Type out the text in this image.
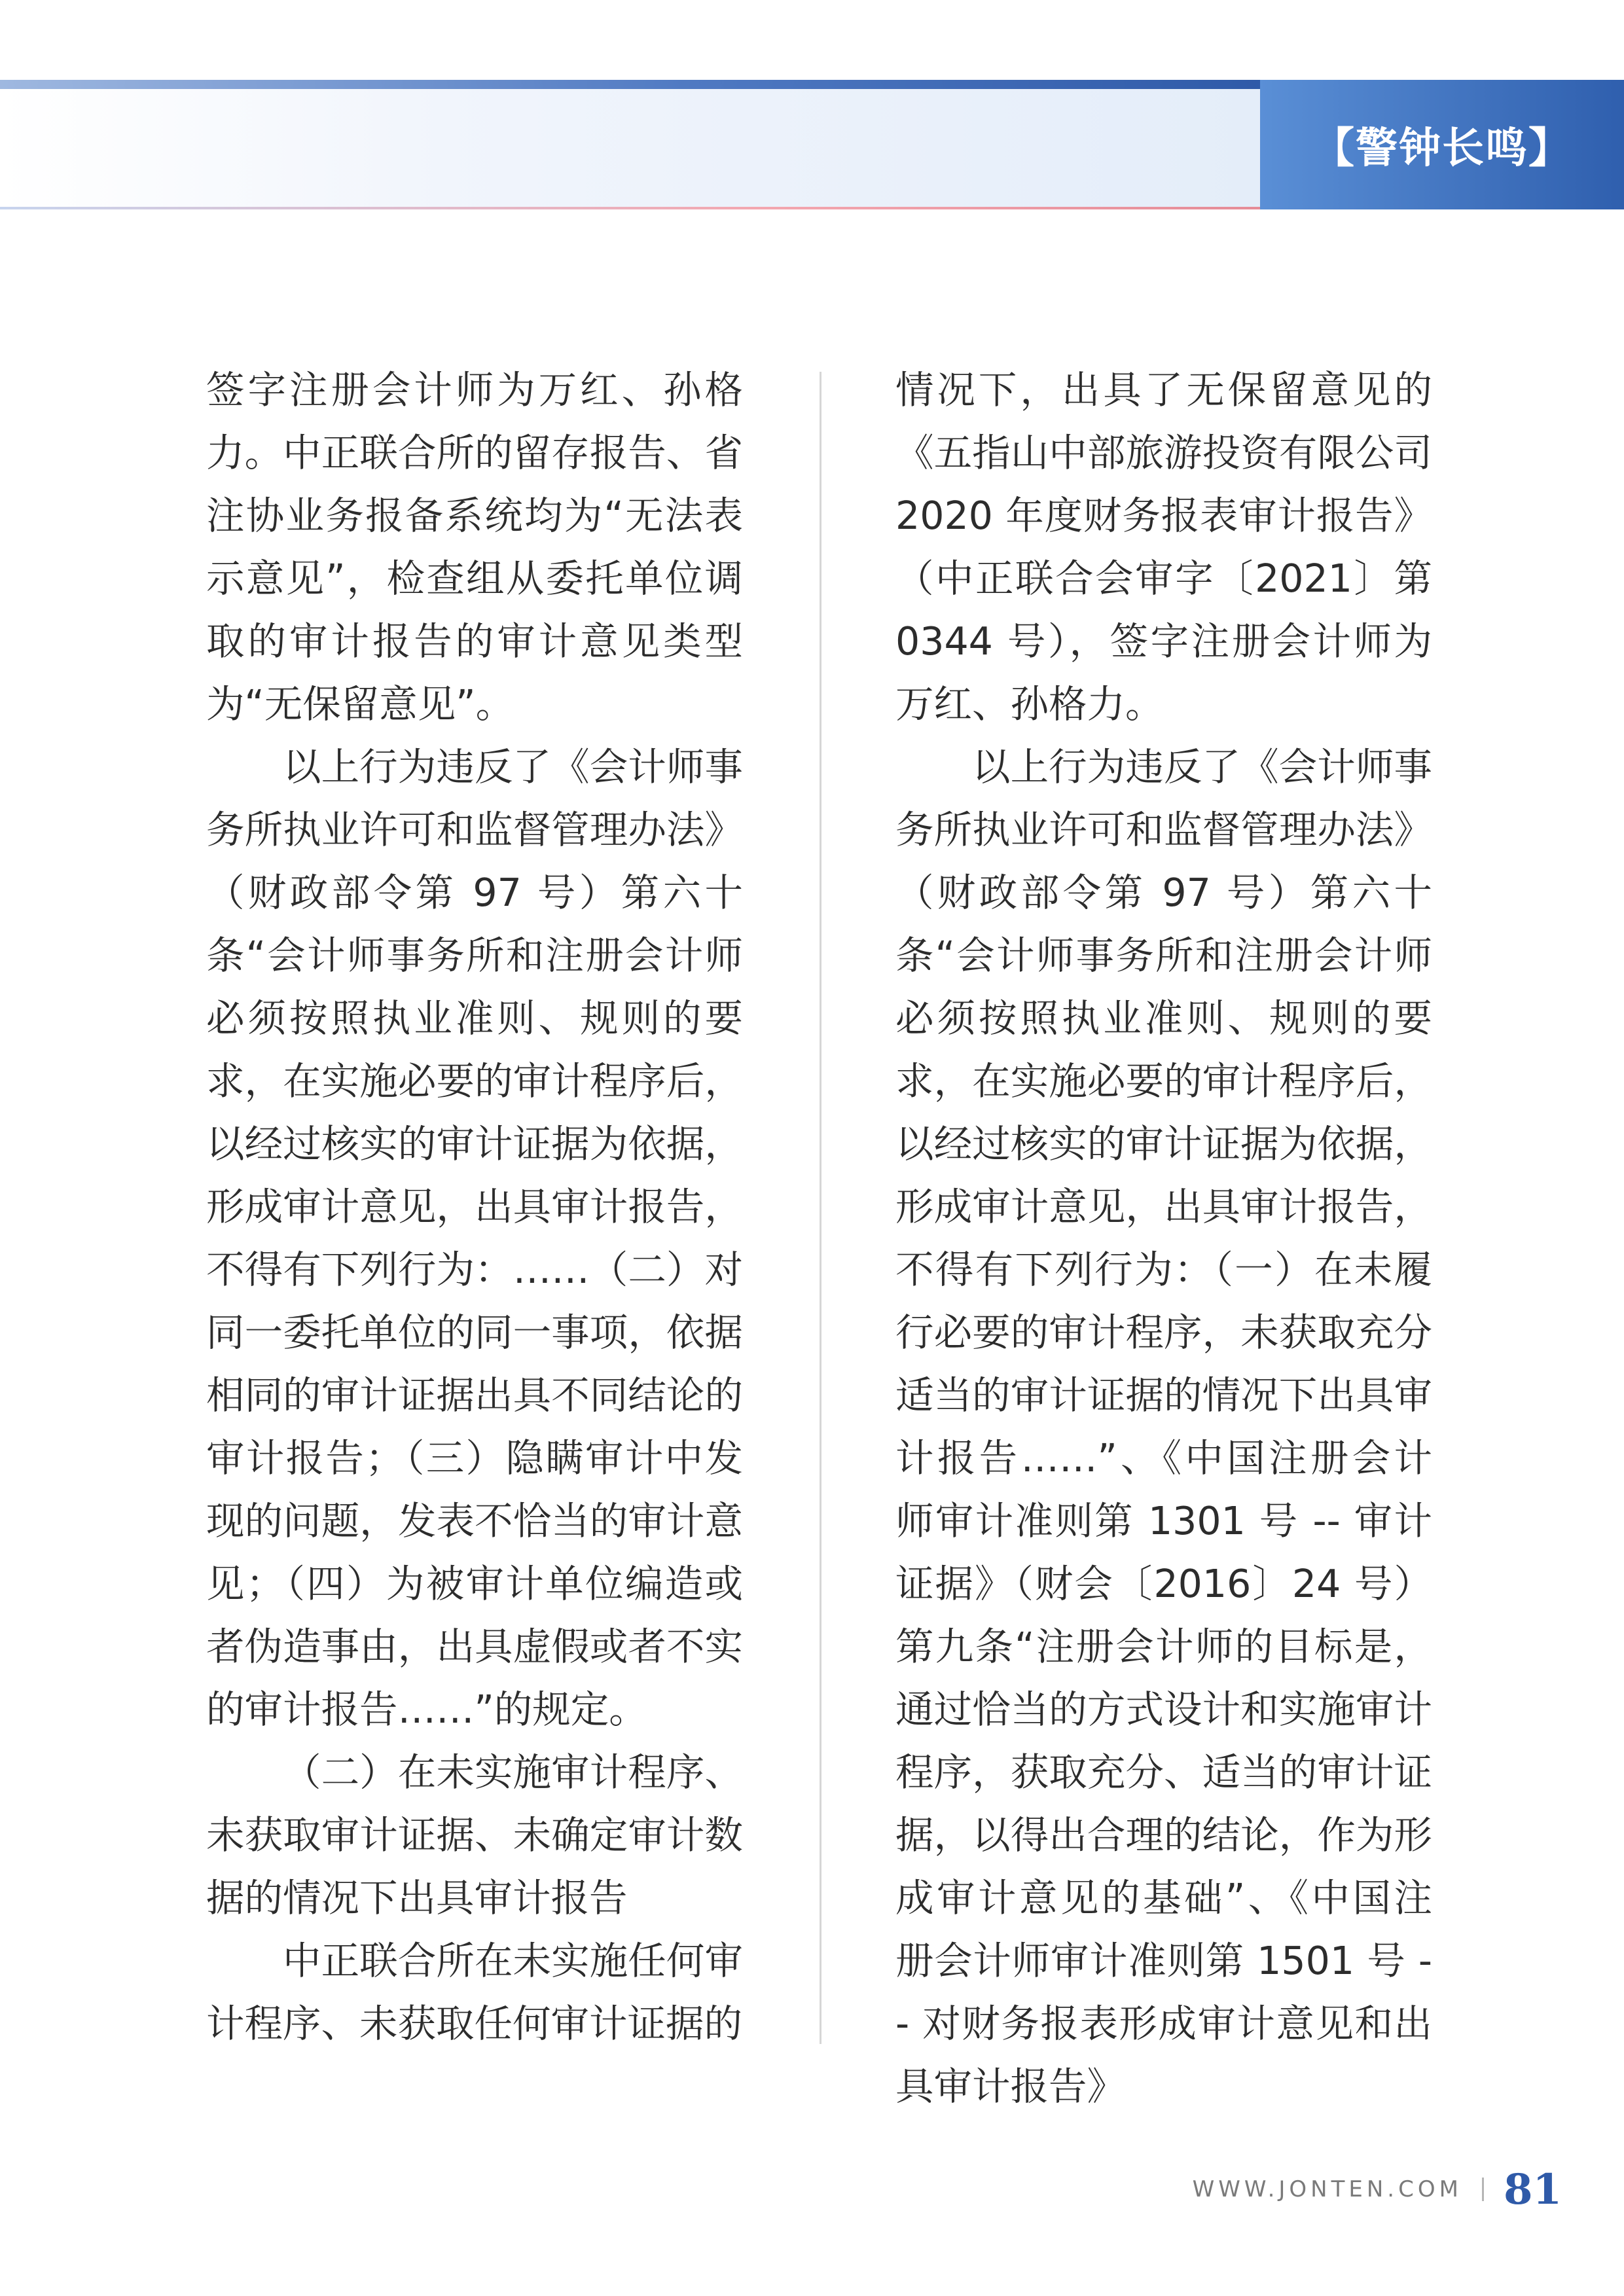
【警钟长鸣】

签字注册会计师为万红、孙格力。中正联合所的留存报告、省注协业务报备系统均为“无法表示意见”，检查组从委托单位调取的审计报告的审计意见类型为“无保留意见”。

以上行为违反了《会计师事务所执业许可和监督管理办法》（财政部令第 97 号）第六十条“会计师事务所和注册会计师必须按照执业准则、规则的要求，在实施必要的审计程序后，以经过核实的审计证据为依据，形成审计意见，出具审计报告，不得有下列行为：……（二）对同一委托单位的同一事项，依据相同的审计证据出具不同结论的审计报告；（三）隐瞒审计中发现的问题，发表不恰当的审计意见；（四）为被审计单位编造或者伪造事由，出具虚假或者不实的审计报告……”的规定。

（二）在未实施审计程序、未获取审计证据、未确定审计数据的情况下出具审计报告

中正联合所在未实施任何审计程序、未获取任何审计证据的

情况下，出具了无保留意见的《五指山中部旅游投资有限公司 2020 年度财务报表审计报告》（中正联合会审字〔2021〕第 0344 号），签字注册会计师为万红、孙格力。

以上行为违反了《会计师事务所执业许可和监督管理办法》（财政部令第 97 号）第六十条“会计师事务所和注册会计师必须按照执业准则、规则的要求，在实施必要的审计程序后，以经过核实的审计证据为依据，形成审计意见，出具审计报告，不得有下列行为：（一）在未履行必要的审计程序，未获取充分适当的审计证据的情况下出具审计报告……”、《中国注册会计师审计准则第 1301 号 -- 审计证据》（财会〔2016〕24 号）第九条“注册会计师的目标是，通过恰当的方式设计和实施审计程序，获取充分、适当的审计证据，以得出合理的结论，作为形成审计意见的基础”、《中国注册会计师审计准则第 1501 号 -- 对财务报表形成审计意见和出具审计报告》

WWW.JONTEN.COM 81
